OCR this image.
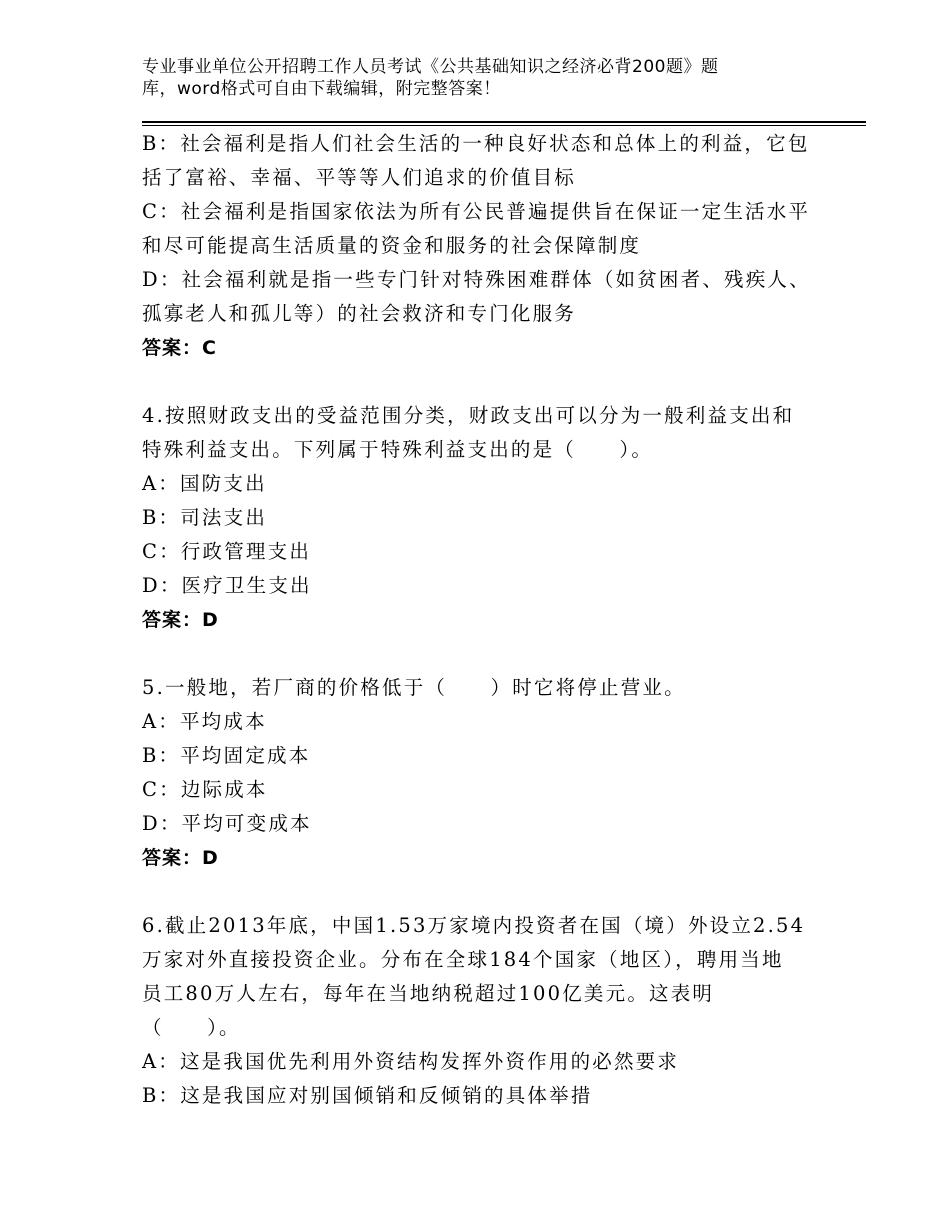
专业事业单位公开招聘工作人员考试《公共基础知识之经济必背200题》题
库，word格式可自由下载编辑，附完整答案！
B：社会福利是指人们社会生活的一种良好状态和总体上的利益，它包
括了富裕、幸福、平等等人们追求的价值目标
C：社会福利是指国家依法为所有公民普遍提供旨在保证一定生活水平
和尽可能提高生活质量的资金和服务的社会保障制度
D：社会福利就是指一些专门针对特殊困难群体（如贫困者、残疾人、
孤寡老人和孤儿等）的社会救济和专门化服务
答案：C
4.按照财政支出的受益范围分类，财政支出可以分为一般利益支出和
特殊利益支出。下列属于特殊利益支出的是（　　）。
A：国防支出
B：司法支出
C：行政管理支出
D：医疗卫生支出
答案：D
5.一般地，若厂商的价格低于（　　）时它将停止营业。
A：平均成本
B：平均固定成本
C：边际成本
D：平均可变成本
答案：D
6.截止2013年底，中国1.53万家境内投资者在国（境）外设立2.54
万家对外直接投资企业。分布在全球184个国家（地区），聘用当地
员工80万人左右，每年在当地纳税超过100亿美元。这表明
（　　）。
A：这是我国优先利用外资结构发挥外资作用的必然要求
B：这是我国应对别国倾销和反倾销的具体举措
